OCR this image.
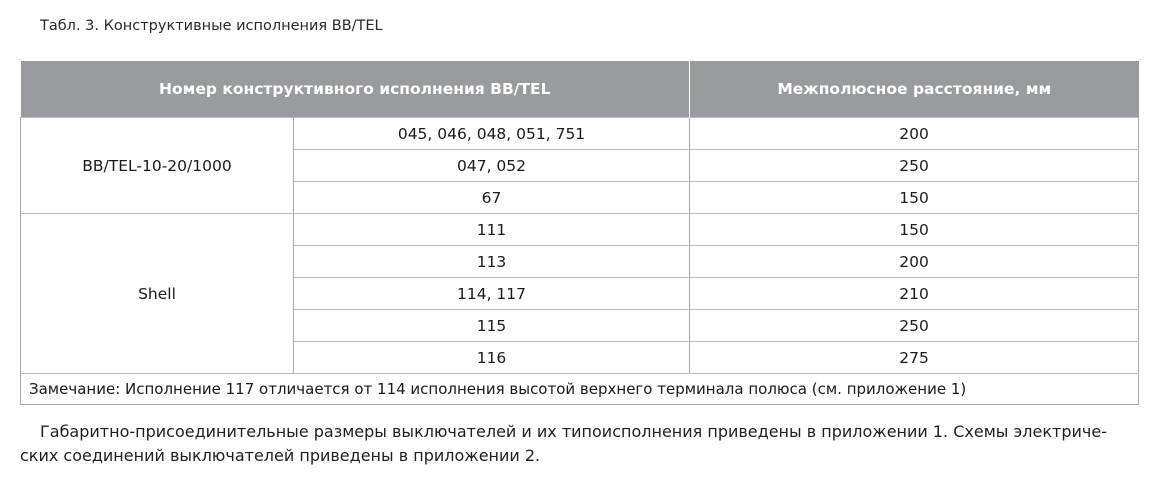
Табл. 3. Конструктивные исполнения BB/TEL
Номер конструктивного исполнения BB/TEL		Межполюсное расстояние, мм
BB/TEL-10-20/1000	045, 046, 048, 051, 751	200
	047, 052	250
	67	150
Shell	111	150
	113	200
	114, 117	210
	115	250
	116	275
Замечание: Исполнение 117 отличается от 114 исполнения высотой верхнего терминала полюса (см. приложение 1)		
Габаритно-присоединительные размеры выключателей и их типоисполнения приведены в приложении 1. Схемы электриче-
ских соединений выключателей приведены в приложении 2.
